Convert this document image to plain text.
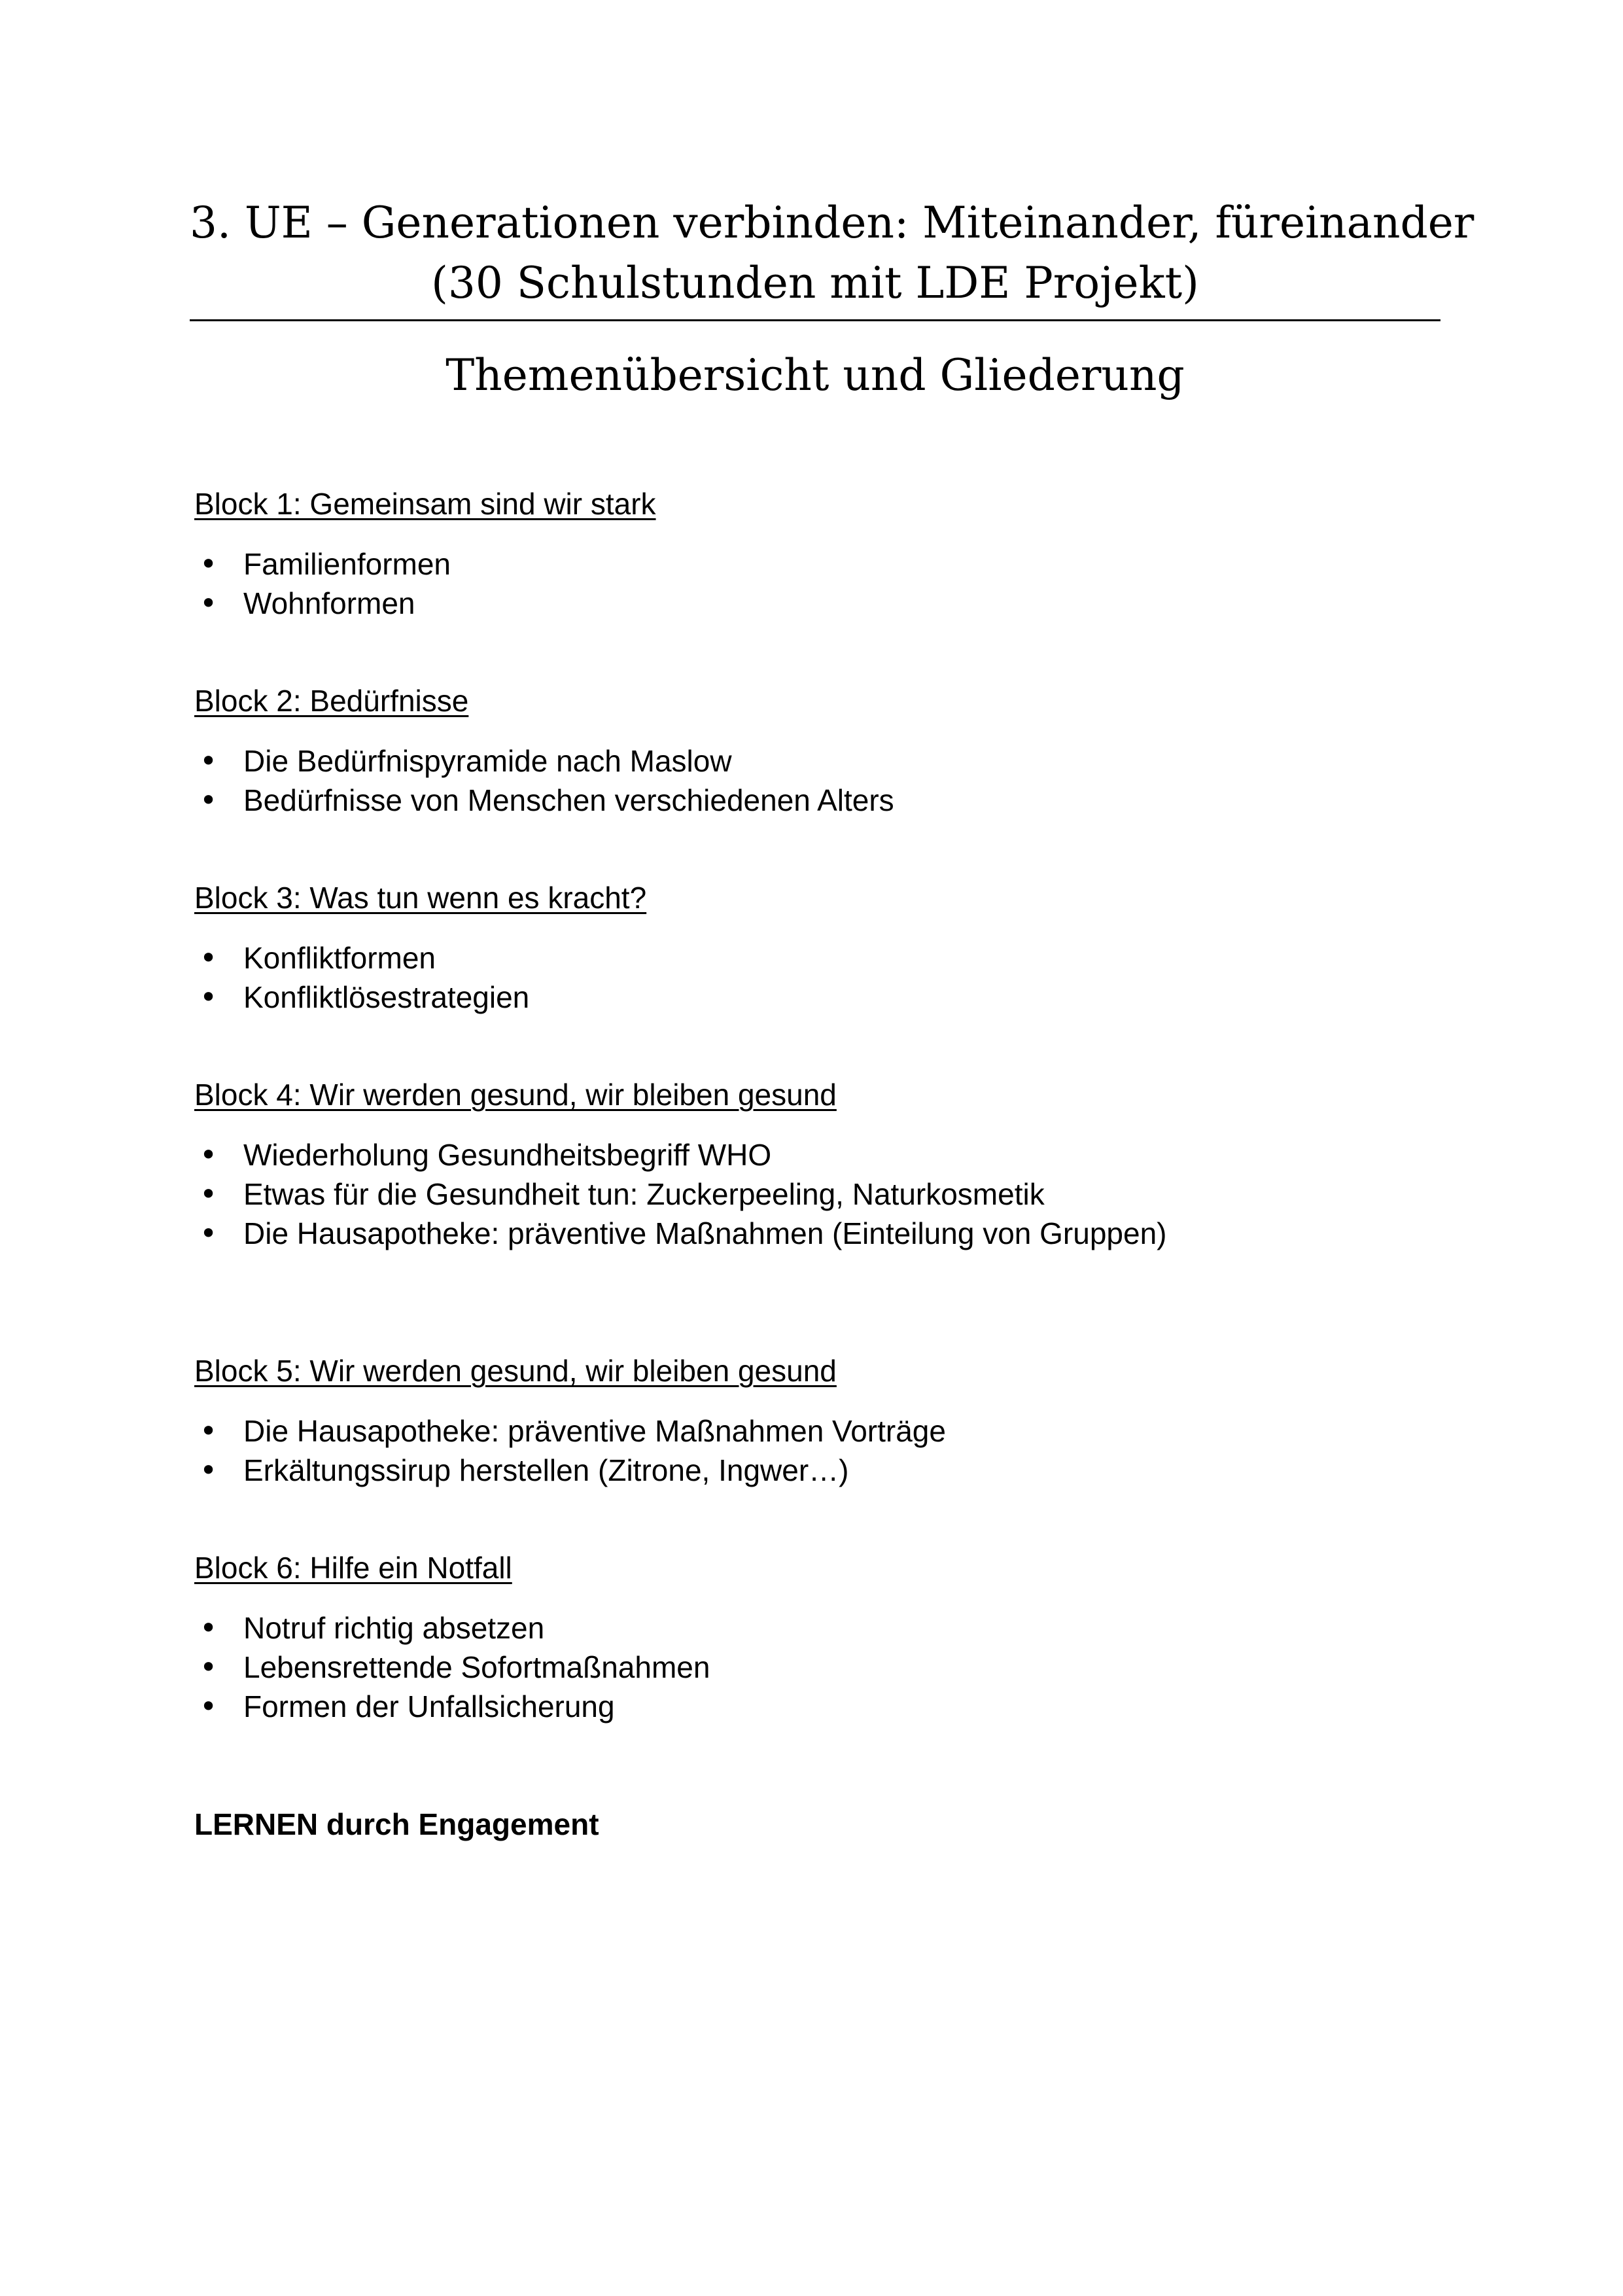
3. UE – Generationen verbinden: Miteinander, füreinander
(30 Schulstunden mit LDE Projekt)
Themenübersicht und Gliederung
Block 1: Gemeinsam sind wir stark
• Familienformen
• Wohnformen
Block 2: Bedürfnisse
• Die Bedürfnispyramide nach Maslow
• Bedürfnisse von Menschen verschiedenen Alters
Block 3: Was tun wenn es kracht?
• Konfliktformen
• Konfliktlösestrategien
Block 4: Wir werden gesund, wir bleiben gesund
• Wiederholung Gesundheitsbegriff WHO
• Etwas für die Gesundheit tun: Zuckerpeeling, Naturkosmetik
• Die Hausapotheke: präventive Maßnahmen (Einteilung von Gruppen)
Block 5: Wir werden gesund, wir bleiben gesund
• Die Hausapotheke: präventive Maßnahmen Vorträge
• Erkältungssirup herstellen (Zitrone, Ingwer…)
Block 6: Hilfe ein Notfall
• Notruf richtig absetzen
• Lebensrettende Sofortmaßnahmen
• Formen der Unfallsicherung
LERNEN durch Engagement
